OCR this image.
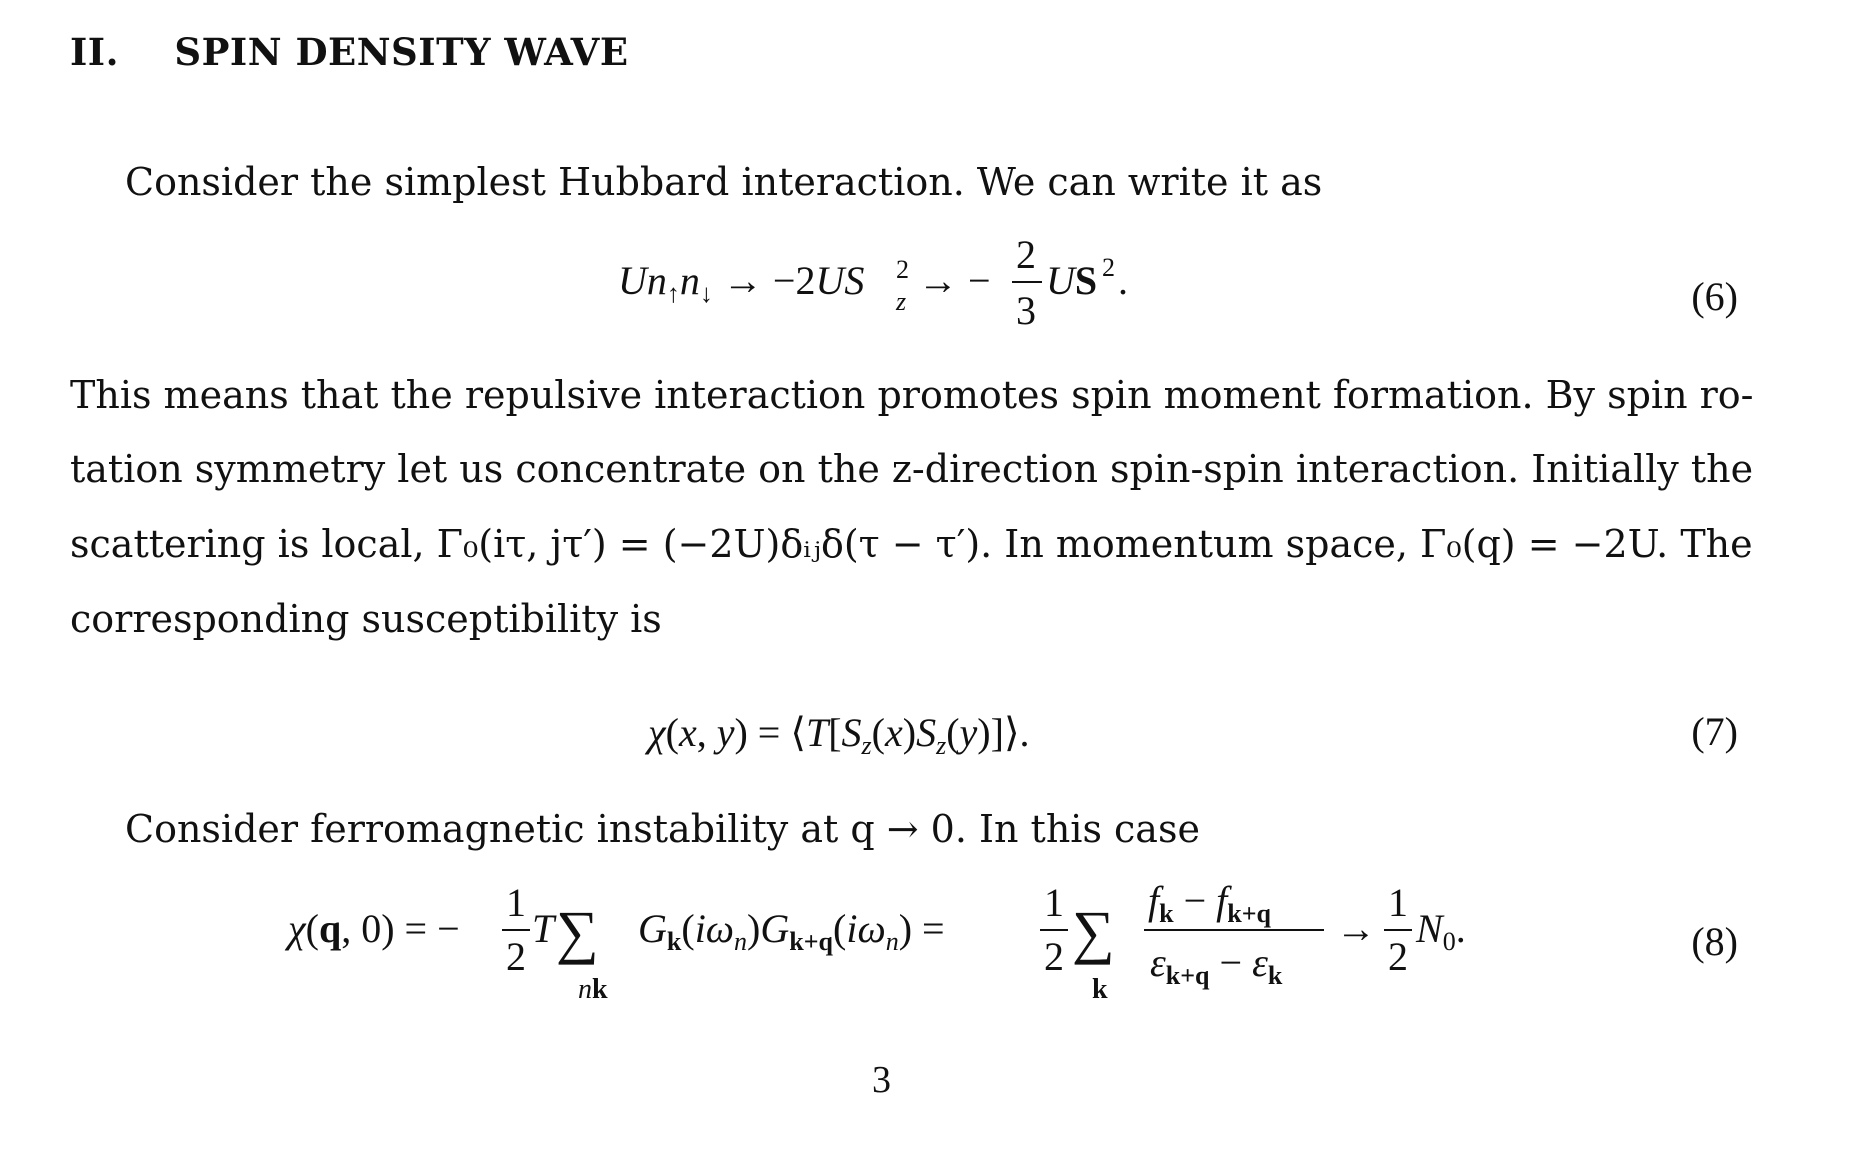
II. SPIN DENSITY WAVE
Consider the simplest Hubbard interaction. We can write it as
$Un_↑n_↓ \to -2US$ 2
z → −
2
3
US 2 .	(6)
This means that the repulsive interaction promotes spin moment formation. By spin ro-
tation symmetry let us concentrate on the z-direction spin-spin interaction. Initially the
scattering is local, Γ₀(iτ, jτ′) = (−2U)δᵢⱼδ(τ − τ′). In momentum space, Γ₀(q) = −2U. The
corresponding susceptibility is
χ(x, $y) = ⟨T[S_z(x)S_z(y)]⟩$.	(7)
Consider ferromagnetic instability at q → 0. In this case
χ(q, 0) = −
1
2
T ∑
nk
$G_k(i\omega_n)G_{k+q}(i\omega_n)$ =
1
2 ∑
k
$f_k - f_{k+q}$
$\varepsilon_{k+q} - \varepsilon_k$
→
1
2
$N_0$.	(8)
3
